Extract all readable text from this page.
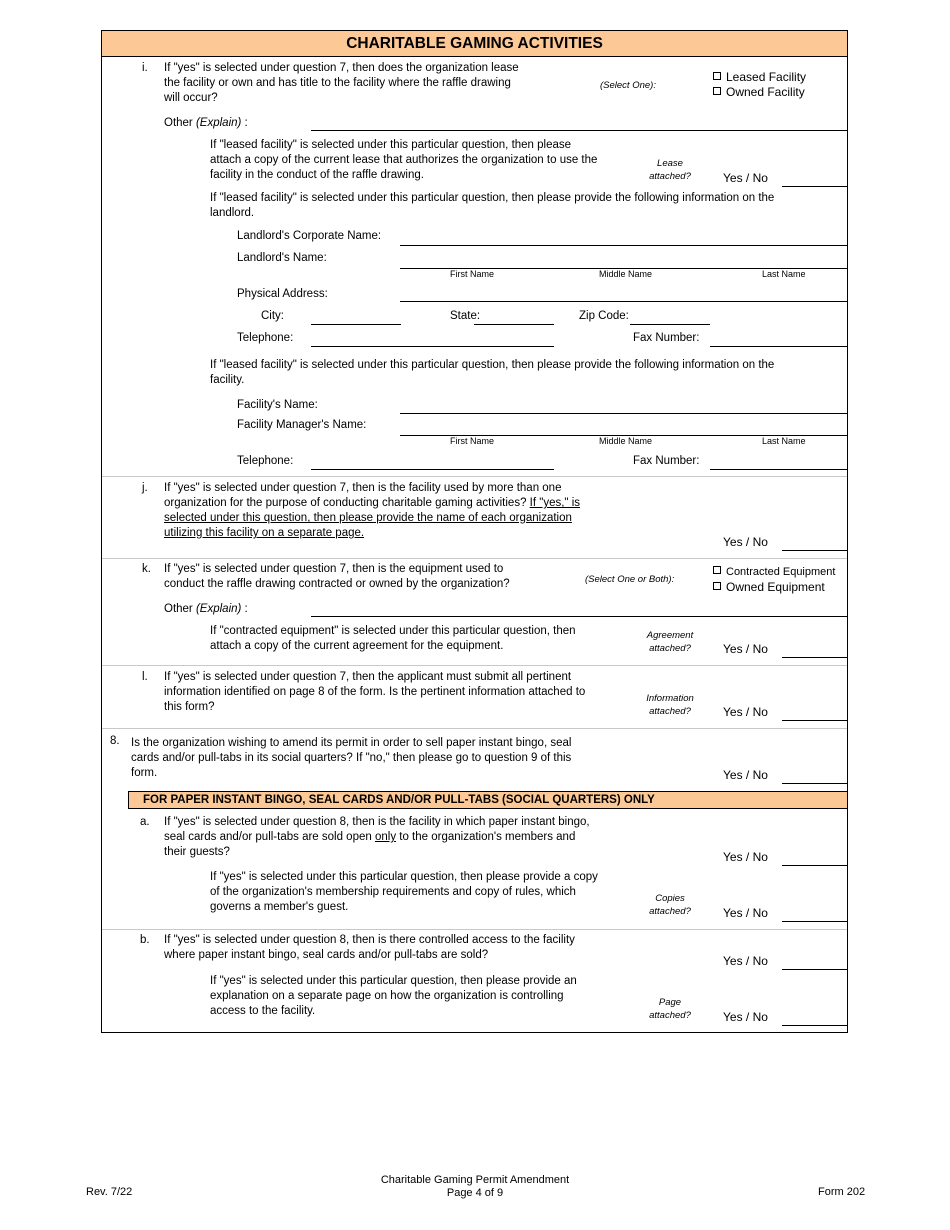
CHARITABLE GAMING ACTIVITIES
i. If "yes" is selected under question 7, then does the organization lease
the facility or own and has title to the facility where the raffle drawing
will occur?
(Select One):
Leased Facility
Owned Facility
Other (Explain) :
If "leased facility" is selected under this particular question, then please
attach a copy of the current lease that authorizes the organization to use the
facility in the conduct of the raffle drawing.
Lease
attached?	Yes / No
If "leased facility" is selected under this particular question, then please provide the following information on the
landlord.
Landlord's Corporate Name:
Landlord's Name:
First Name	Middle Name	Last Name
Physical Address:
City:	State:	Zip Code:
Telephone:	Fax Number:
If "leased facility" is selected under this particular question, then please provide the following information on the
facility.
Facility's Name:
Facility Manager's Name:
First Name	Middle Name	Last Name
Telephone:	Fax Number:
j. If "yes" is selected under question 7, then is the facility used by more than one
organization for the purpose of conducting charitable gaming activities? If "yes," is
selected under this question, then please provide the name of each organization
utilizing this facility on a separate page.
Yes / No
k. If "yes" is selected under question 7, then is the equipment used to
conduct the raffle drawing contracted or owned by the organization?	(Select One or Both):
Contracted Equipment
Owned Equipment
Other (Explain) :
If "contracted equipment" is selected under this particular question, then
attach a copy of the current agreement for the equipment.
Agreement
attached?	Yes / No
l. If "yes" is selected under question 7, then the applicant must submit all pertinent
information identified on page 8 of the form. Is the pertinent information attached to
this form?
Information
attached?	Yes / No
8. Is the organization wishing to amend its permit in order to sell paper instant bingo, seal
cards and/or pull-tabs in its social quarters? If "no," then please go to question 9 of this
form.	Yes / No
FOR PAPER INSTANT BINGO, SEAL CARDS AND/OR PULL-TABS (SOCIAL QUARTERS) ONLY
a. If "yes" is selected under question 8, then is the facility in which paper instant bingo,
seal cards and/or pull-tabs are sold open only to the organization's members and
their guests?	Yes / No
If "yes" is selected under this particular question, then please provide a copy
of the organization's membership requirements and copy of rules, which
governs a member's guest.
Copies
attached?	Yes / No
b. If "yes" is selected under question 8, then is there controlled access to the facility
where paper instant bingo, seal cards and/or pull-tabs are sold?	Yes / No
If "yes" is selected under this particular question, then please provide an
explanation on a separate page on how the organization is controlling
access to the facility.
Page
attached?	Yes / No
Rev. 7/22
Charitable Gaming Permit Amendment
Page 4 of 9	Form 202
